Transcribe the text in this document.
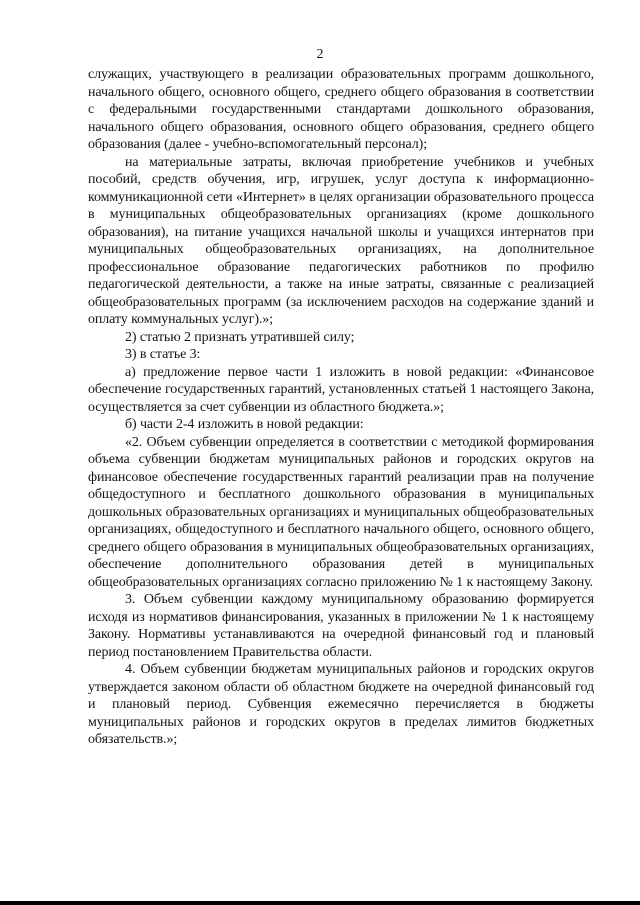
2

служащих, участвующего в реализации образовательных программ дошкольного, начального общего, основного общего, среднего общего образования в соответствии с федеральными государственными стандартами дошкольного образования, начального общего образования, основного общего образования, среднего общего образования (далее - учебно-вспомогательный персонал);

на материальные затраты, включая приобретение учебников и учебных пособий, средств обучения, игр, игрушек, услуг доступа к информационно-коммуникационной сети «Интернет» в целях организации образовательного процесса в муниципальных общеобразовательных организациях (кроме дошкольного образования), на питание учащихся начальной школы и учащихся интернатов при муниципальных общеобразовательных организациях, на дополнительное профессиональное образование педагогических работников по профилю педагогической деятельности, а также на иные затраты, связанные с реализацией общеобразовательных программ (за исключением расходов на содержание зданий и оплату коммунальных услуг).»;

2) статью 2 признать утратившей силу;

3) в статье 3:

а) предложение первое части 1 изложить в новой редакции: «Финансовое обеспечение государственных гарантий, установленных статьей 1 настоящего Закона, осуществляется за счет субвенции из областного бюджета.»;

б) части 2-4 изложить в новой редакции:

«2. Объем субвенции определяется в соответствии с методикой формирования объема субвенции бюджетам муниципальных районов и городских округов на финансовое обеспечение государственных гарантий реализации прав на получение общедоступного и бесплатного дошкольного образования в муниципальных дошкольных образовательных организациях и муниципальных общеобразовательных организациях, общедоступного и бесплатного начального общего, основного общего, среднего общего образования в муниципальных общеобразовательных организациях, обеспечение дополнительного образования детей в муниципальных общеобразовательных организациях согласно приложению № 1 к настоящему Закону.

3. Объем субвенции каждому муниципальному образованию формируется исходя из нормативов финансирования, указанных в приложении № 1 к настоящему Закону. Нормативы устанавливаются на очередной финансовый год и плановый период постановлением Правительства области.

4. Объем субвенции бюджетам муниципальных районов и городских округов утверждается законом области об областном бюджете на очередной финансовый год и плановый период. Субвенция ежемесячно перечисляется в бюджеты муниципальных районов и городских округов в пределах лимитов бюджетных обязательств.»;
